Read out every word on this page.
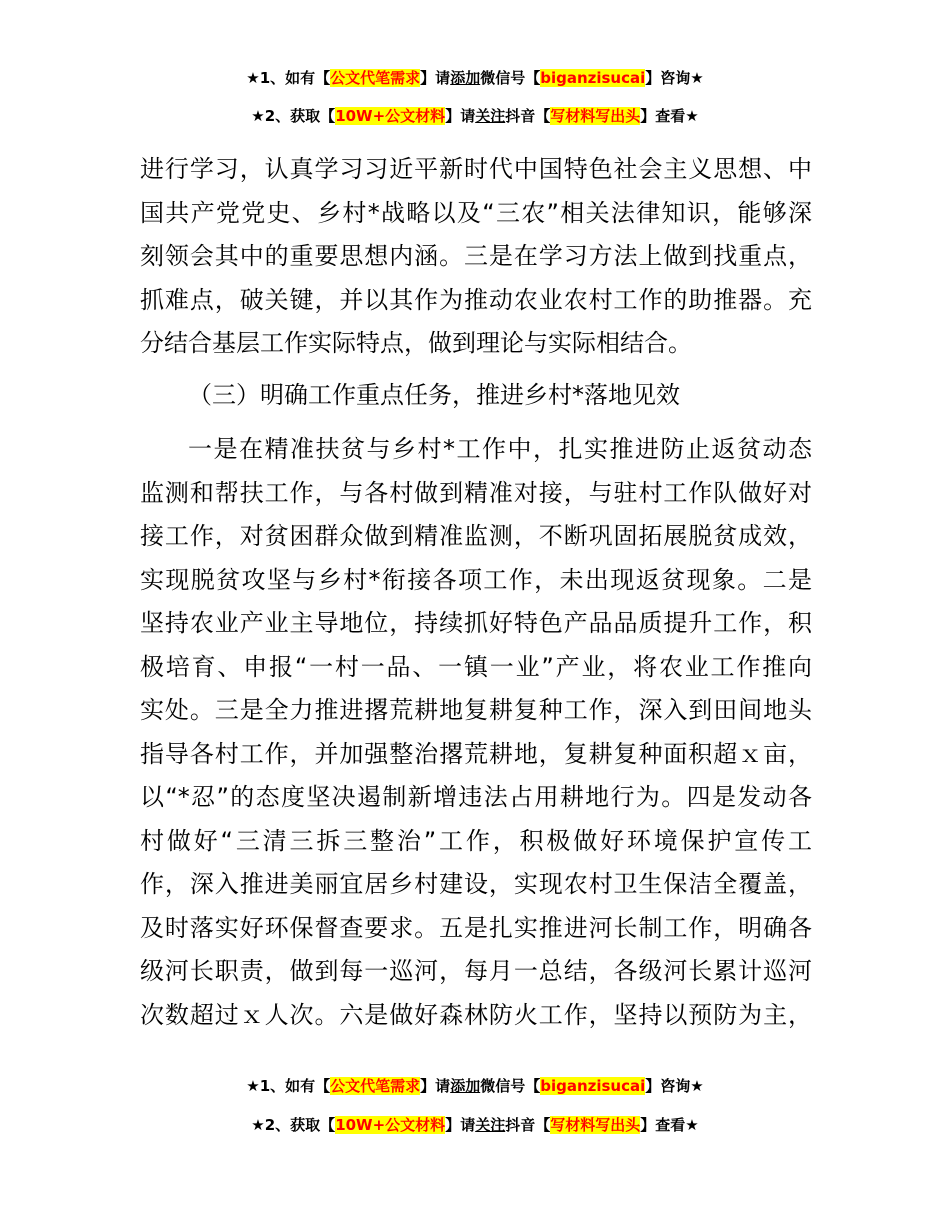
★1、如有【公文代笔需求】请添加微信号【biganzisucai】咨询★
★2、获取【10W+公文材料】请关注抖音【写材料写出头】查看★
进行学习，认真学习习近平新时代中国特色社会主义思想、中
国共产党党史、乡村*战略以及“三农”相关法律知识，能够深
刻领会其中的重要思想内涵。三是在学习方法上做到找重点，
抓难点，破关键，并以其作为推动农业农村工作的助推器。充
分结合基层工作实际特点，做到理论与实际相结合。
（三）明确工作重点任务，推进乡村*落地见效
一是在精准扶贫与乡村*工作中，扎实推进防止返贫动态
监测和帮扶工作，与各村做到精准对接，与驻村工作队做好对
接工作，对贫困群众做到精准监测，不断巩固拓展脱贫成效，
实现脱贫攻坚与乡村*衔接各项工作，未出现返贫现象。二是
坚持农业产业主导地位，持续抓好特色产品品质提升工作，积
极培育、申报“一村一品、一镇一业”产业，将农业工作推向
实处。三是全力推进撂荒耕地复耕复种工作，深入到田间地头
指导各村工作，并加强整治撂荒耕地，复耕复种面积超ｘ亩，
以“*忍”的态度坚决遏制新增违法占用耕地行为。四是发动各
村做好“三清三拆三整治”工作，积极做好环境保护宣传工
作，深入推进美丽宜居乡村建设，实现农村卫生保洁全覆盖，
及时落实好环保督查要求。五是扎实推进河长制工作，明确各
级河长职责，做到每一巡河，每月一总结，各级河长累计巡河
次数超过ｘ人次。六是做好森林防火工作，坚持以预防为主，
★1、如有【公文代笔需求】请添加微信号【biganzisucai】咨询★
★2、获取【10W+公文材料】请关注抖音【写材料写出头】查看★
